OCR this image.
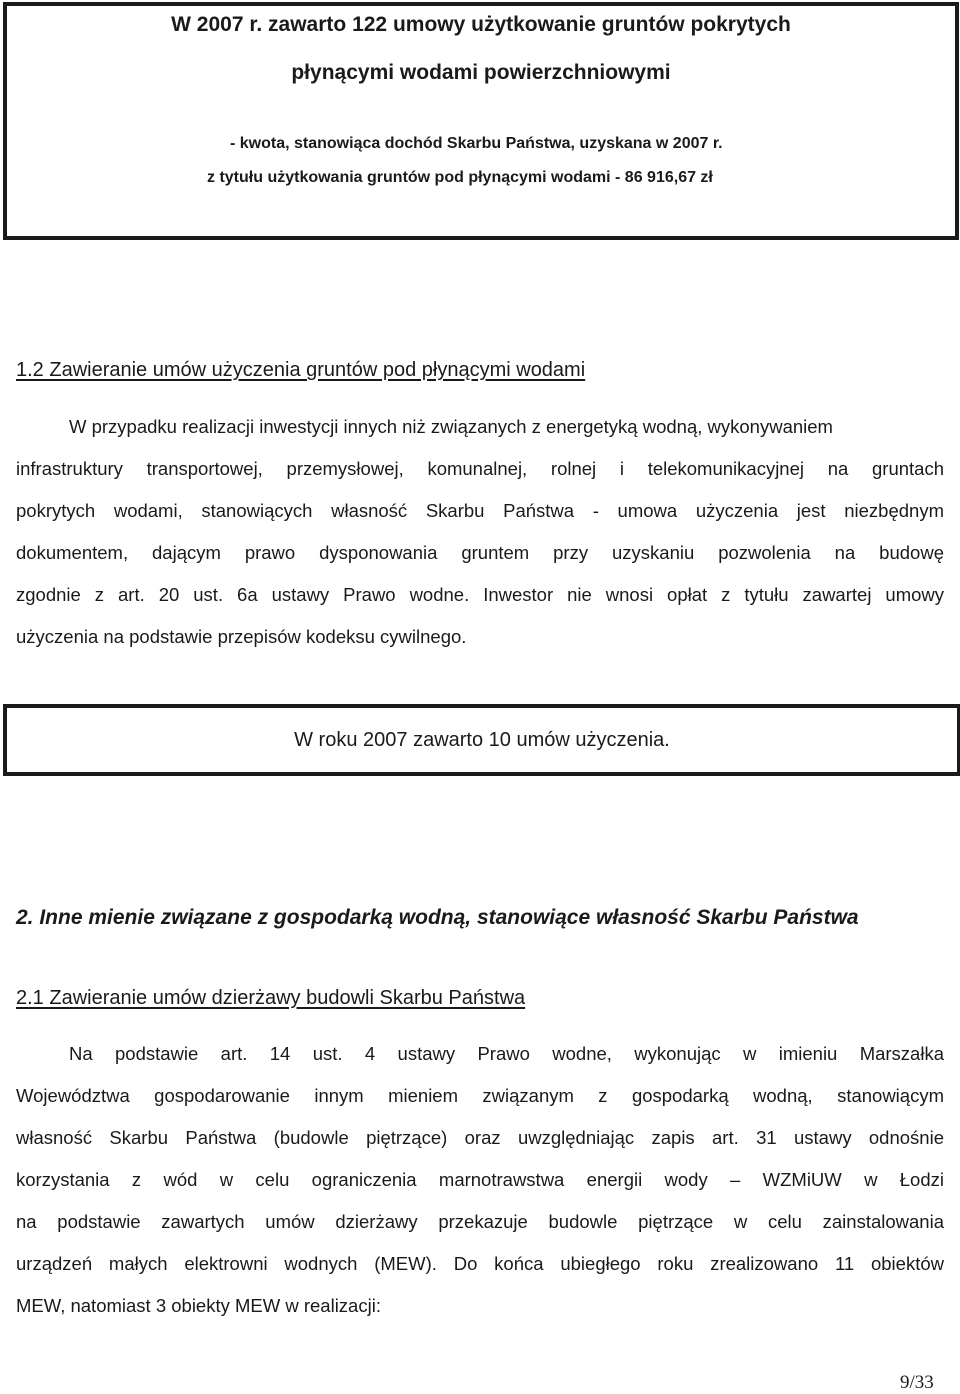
W 2007 r. zawarto 122 umowy użytkowanie gruntów pokrytych
płynącymi wodami powierzchniowymi
- kwota, stanowiąca dochód Skarbu Państwa, uzyskana w 2007 r.
z tytułu użytkowania gruntów pod płynącymi wodami - 86 916,67 zł
1.2 Zawieranie umów użyczenia gruntów pod płynącymi wodami
W przypadku realizacji inwestycji innych niż związanych z energetyką wodną, wykonywaniem
infrastruktury transportowej, przemysłowej, komunalnej, rolnej i telekomunikacyjnej na gruntach
pokrytych wodami, stanowiących własność Skarbu Państwa - umowa użyczenia jest niezbędnym
dokumentem, dającym prawo dysponowania gruntem przy uzyskaniu pozwolenia na budowę
zgodnie z art. 20 ust. 6a ustawy Prawo wodne. Inwestor nie wnosi opłat z tytułu zawartej umowy
użyczenia na podstawie przepisów kodeksu cywilnego.
W roku 2007 zawarto 10 umów użyczenia.
2. Inne mienie związane z gospodarką wodną, stanowiące własność Skarbu Państwa
2.1 Zawieranie umów dzierżawy budowli Skarbu Państwa
Na podstawie art. 14 ust. 4 ustawy Prawo wodne, wykonując w imieniu Marszałka
Województwa gospodarowanie innym mieniem związanym z gospodarką wodną, stanowiącym
własność Skarbu Państwa (budowle piętrzące) oraz uwzględniając zapis art. 31 ustawy odnośnie
korzystania z wód w celu ograniczenia marnotrawstwa energii wody – WZMiUW w Łodzi
na podstawie zawartych umów dzierżawy przekazuje budowle piętrzące w celu zainstalowania
urządzeń małych elektrowni wodnych (MEW). Do końca ubiegłego roku zrealizowano 11 obiektów
MEW, natomiast 3 obiekty MEW w realizacji:
9/33
